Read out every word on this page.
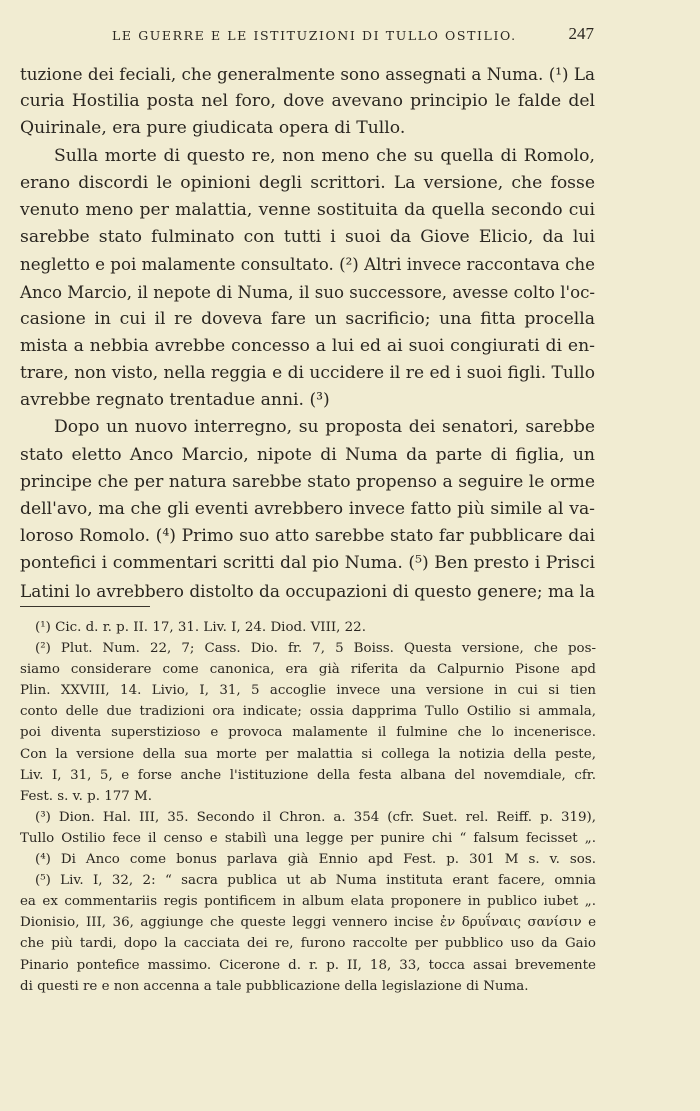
LE GUERRE E LE ISTITUZIONI DI TULLO OSTILIO.	247
tuzione dei feciali, che generalmente sono assegnati a Numa. (¹) La
curia Hostilia posta nel foro, dove avevano principio le falde del
Quirinale, era pure giudicata opera di Tullo.
Sulla morte di questo re, non meno che su quella di Romolo,
erano discordi le opinioni degli scrittori. La versione, che fosse
venuto meno per malattia, venne sostituita da quella secondo cui
sarebbe stato fulminato con tutti i suoi da Giove Elicio, da lui
negletto e poi malamente consultato. (²) Altri invece raccontava che
Anco Marcio, il nepote di Numa, il suo successore, avesse colto l'oc-
casione in cui il re doveva fare un sacrificio; una fitta procella
mista a nebbia avrebbe concesso a lui ed ai suoi congiurati di en-
trare, non visto, nella reggia e di uccidere il re ed i suoi figli. Tullo
avrebbe regnato trentadue anni. (³)
Dopo un nuovo interregno, su proposta dei senatori, sarebbe
stato eletto Anco Marcio, nipote di Numa da parte di figlia, un
principe che per natura sarebbe stato propenso a seguire le orme
dell'avo, ma che gli eventi avrebbero invece fatto più simile al va-
loroso Romolo. (⁴) Primo suo atto sarebbe stato far pubblicare dai
pontefici i commentari scritti dal pio Numa. (⁵) Ben presto i Prisci
Latini lo avrebbero distolto da occupazioni di questo genere; ma la
(¹) Cic. d. r. p. II. 17, 31. Liv. I, 24. Diod. VIII, 22.
(²) Plut. Num. 22, 7; Cass. Dio. fr. 7, 5 Boiss. Questa versione, che pos-
siamo considerare come canonica, era già riferita da Calpurnio Pisone apd
Plin. XXVIII, 14. Livio, I, 31, 5 accoglie invece una versione in cui si tien
conto delle due tradizioni ora indicate; ossia dapprima Tullo Ostilio si ammala,
poi diventa superstizioso e provoca malamente il fulmine che lo incenerisce.
Con la versione della sua morte per malattia si collega la notizia della peste,
Liv. I, 31, 5, e forse anche l'istituzione della festa albana del novemdiale, cfr.
Fest. s. v. p. 177 M.
(³) Dion. Hal. III, 35. Secondo il Chron. a. 354 (cfr. Suet. rel. Reiff. p. 319),
Tullo Ostilio fece il censo e stabilì una legge per punire chi “ falsum fecisset „.
(⁴) Di Anco come bonus parlava già Ennio apd Fest. p. 301 M s. v. sos.
(⁵) Liv. I, 32, 2: “ sacra publica ut ab Numa instituta erant facere, omnia
ea ex commentariis regis pontificem in album elata proponere in publico iubet „.
Dionisio, III, 36, aggiunge che queste leggi vennero incise ἐν δρυΐναις σανίσιν e
che più tardi, dopo la cacciata dei re, furono raccolte per pubblico uso da Gaio
Pinario pontefice massimo. Cicerone d. r. p. II, 18, 33, tocca assai brevemente
di questi re e non accenna a tale pubblicazione della legislazione di Numa.
